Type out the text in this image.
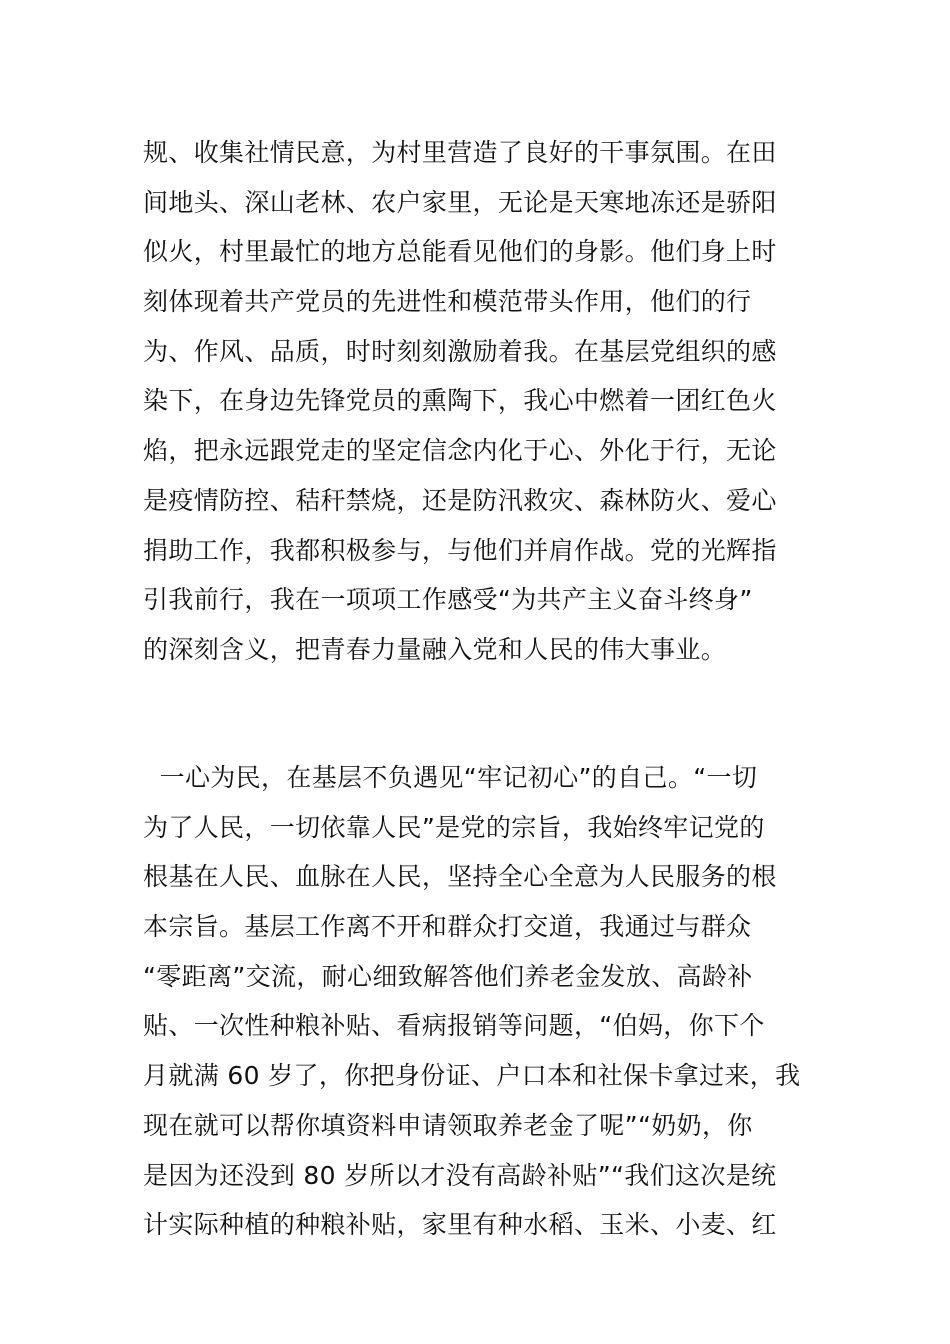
规、收集社情民意，为村里营造了良好的干事氛围。在田
间地头、深山老林、农户家里，无论是天寒地冻还是骄阳
似火，村里最忙的地方总能看见他们的身影。他们身上时
刻体现着共产党员的先进性和模范带头作用，他们的行
为、作风、品质，时时刻刻激励着我。在基层党组织的感
染下，在身边先锋党员的熏陶下，我心中燃着一团红色火
焰，把永远跟党走的坚定信念内化于心、外化于行，无论
是疫情防控、秸秆禁烧，还是防汛救灾、森林防火、爱心
捐助工作，我都积极参与，与他们并肩作战。党的光辉指
引我前行，我在一项项工作感受“为共产主义奋斗终身”
的深刻含义，把青春力量融入党和人民的伟大事业。
一心为民，在基层不负遇见“牢记初心”的自己。“一切
为了人民，一切依靠人民”是党的宗旨，我始终牢记党的
根基在人民、血脉在人民，坚持全心全意为人民服务的根
本宗旨。基层工作离不开和群众打交道，我通过与群众
“零距离”交流，耐心细致解答他们养老金发放、高龄补
贴、一次性种粮补贴、看病报销等问题，“伯妈，你下个
月就满 60 岁了，你把身份证、户口本和社保卡拿过来，我
现在就可以帮你填资料申请领取养老金了呢”“奶奶，你
是因为还没到 80 岁所以才没有高龄补贴”“我们这次是统
计实际种植的种粮补贴，家里有种水稻、玉米、小麦、红
